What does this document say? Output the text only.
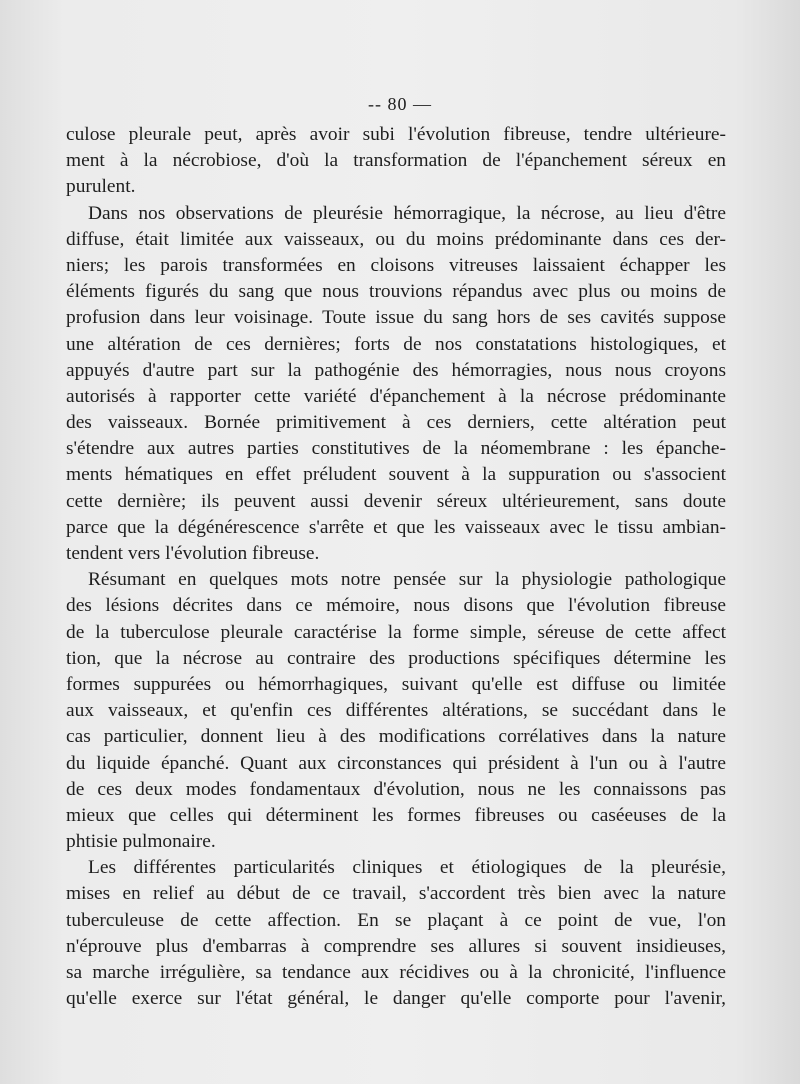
-- 80 —
culose pleurale peut, après avoir subi l'évolution fibreuse, tendre ultérieure-
ment à la nécrobiose, d'où la transformation de l'épanchement séreux en
purulent.
Dans nos observations de pleurésie hémorragique, la nécrose, au lieu d'être
diffuse, était limitée aux vaisseaux, ou du moins prédominante dans ces der-
niers; les parois transformées en cloisons vitreuses laissaient échapper les
éléments figurés du sang que nous trouvions répandus avec plus ou moins de
profusion dans leur voisinage. Toute issue du sang hors de ses cavités suppose
une altération de ces dernières; forts de nos constatations histologiques, et
appuyés d'autre part sur la pathogénie des hémorragies, nous nous croyons
autorisés à rapporter cette variété d'épanchement à la nécrose prédominante
des vaisseaux. Bornée primitivement à ces derniers, cette altération peut
s'étendre aux autres parties constitutives de la néomembrane : les épanche-
ments hématiques en effet préludent souvent à la suppuration ou s'associent
cette dernière; ils peuvent aussi devenir séreux ultérieurement, sans doute
parce que la dégénérescence s'arrête et que les vaisseaux avec le tissu ambian-
tendent vers l'évolution fibreuse.
Résumant en quelques mots notre pensée sur la physiologie pathologique
des lésions décrites dans ce mémoire, nous disons que l'évolution fibreuse
de la tuberculose pleurale caractérise la forme simple, séreuse de cette affect
tion, que la nécrose au contraire des productions spécifiques détermine les
formes suppurées ou hémorrhagiques, suivant qu'elle est diffuse ou limitée
aux vaisseaux, et qu'enfin ces différentes altérations, se succédant dans le
cas particulier, donnent lieu à des modifications corrélatives dans la nature
du liquide épanché. Quant aux circonstances qui président à l'un ou à l'autre
de ces deux modes fondamentaux d'évolution, nous ne les connaissons pas
mieux que celles qui déterminent les formes fibreuses ou caséeuses de la
phtisie pulmonaire.
Les différentes particularités cliniques et étiologiques de la pleurésie,
mises en relief au début de ce travail, s'accordent très bien avec la nature
tuberculeuse de cette affection. En se plaçant à ce point de vue, l'on
n'éprouve plus d'embarras à comprendre ses allures si souvent insidieuses,
sa marche irrégulière, sa tendance aux récidives ou à la chronicité, l'influence
qu'elle exerce sur l'état général, le danger qu'elle comporte pour l'avenir,
